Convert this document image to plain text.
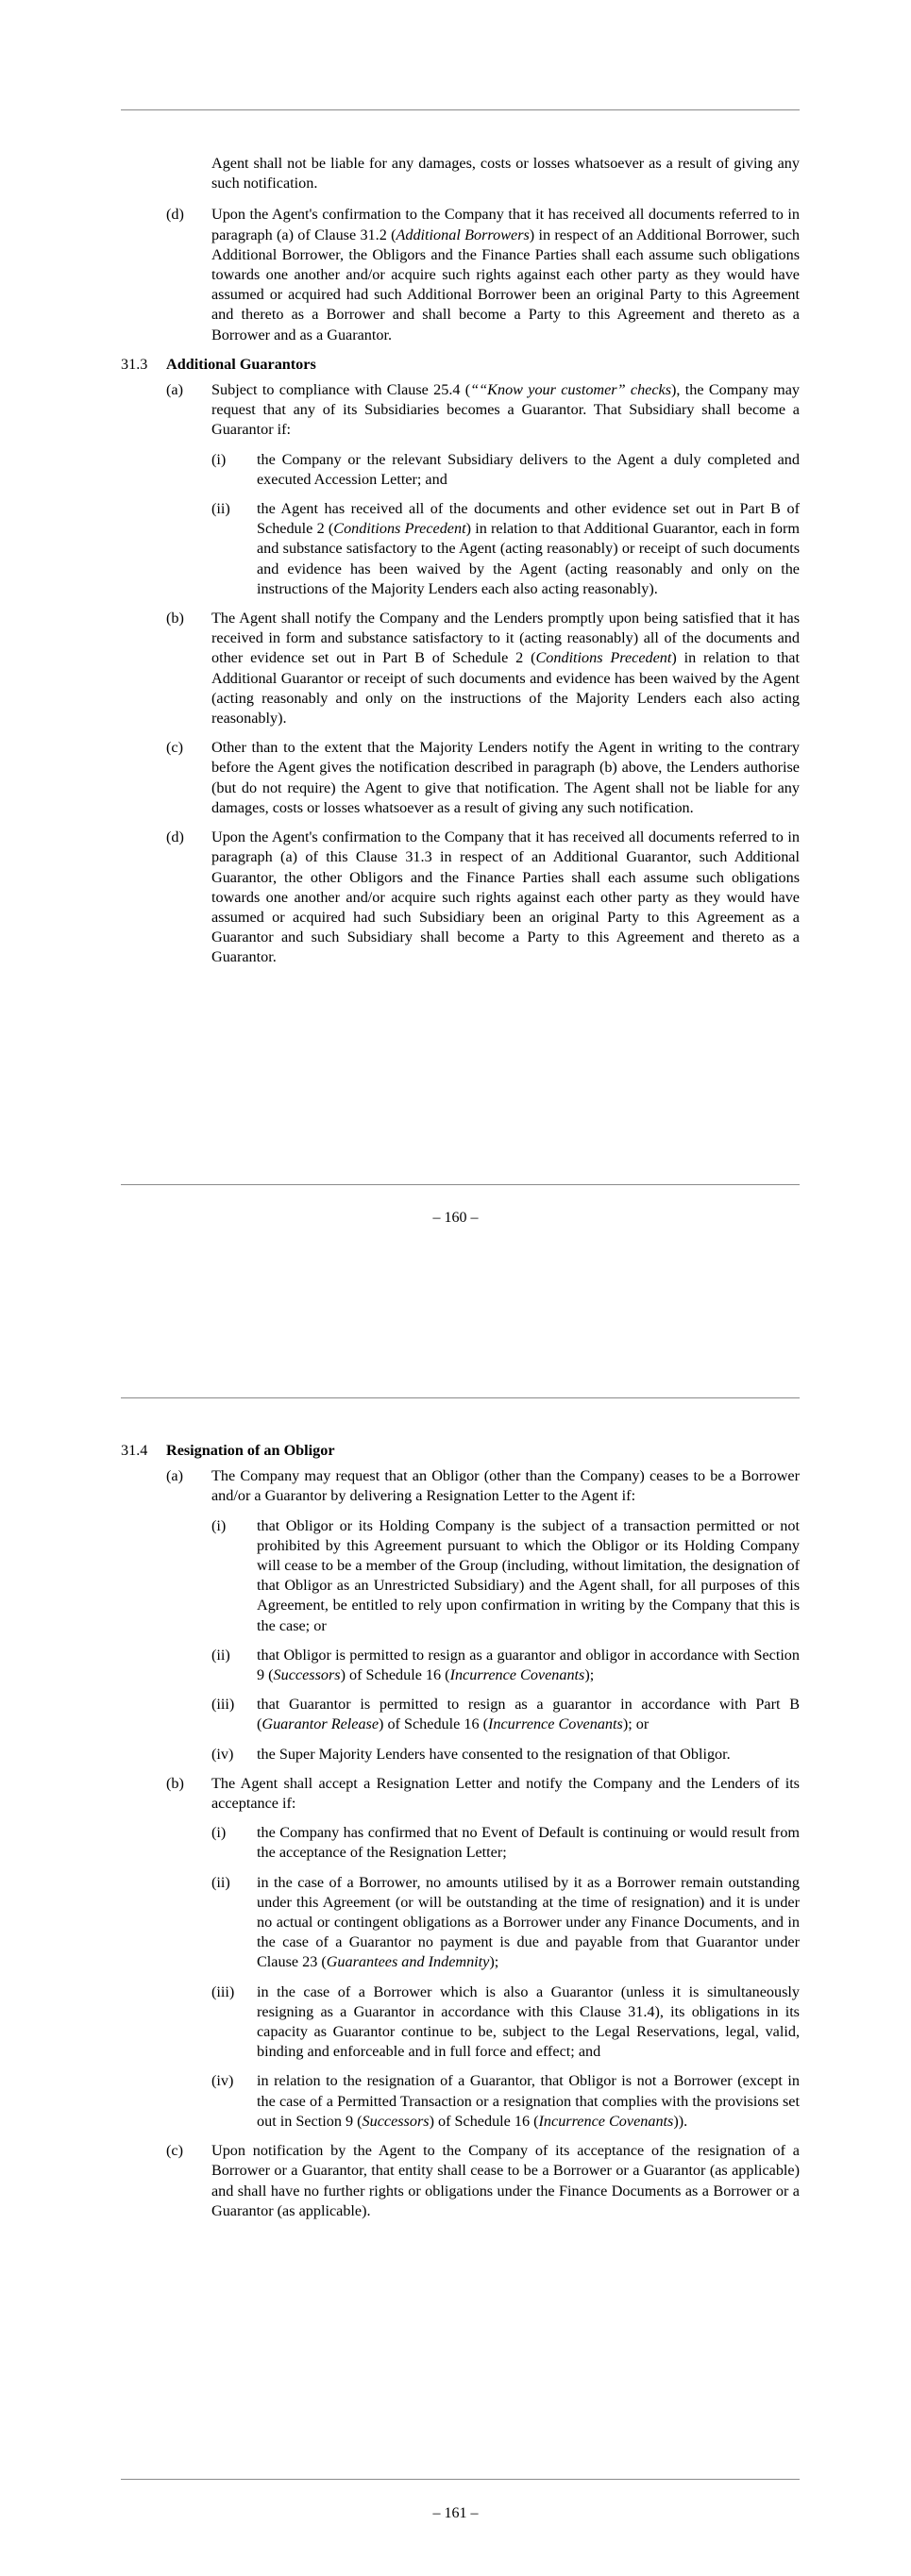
Agent shall not be liable for any damages, costs or losses whatsoever as a result of giving any such notification.

(d) Upon the Agent's confirmation to the Company that it has received all documents referred to in paragraph (a) of Clause 31.2 (Additional Borrowers) in respect of an Additional Borrower, such Additional Borrower, the Obligors and the Finance Parties shall each assume such obligations towards one another and/or acquire such rights against each other party as they would have assumed or acquired had such Additional Borrower been an original Party to this Agreement and thereto as a Borrower and shall become a Party to this Agreement and thereto as a Borrower and as a Guarantor.
31.3 Additional Guarantors
(a) Subject to compliance with Clause 25.4 (““Know your customer” checks), the Company may request that any of its Subsidiaries becomes a Guarantor. That Subsidiary shall become a Guarantor if:
(i) the Company or the relevant Subsidiary delivers to the Agent a duly completed and executed Accession Letter; and
(ii) the Agent has received all of the documents and other evidence set out in Part B of Schedule 2 (Conditions Precedent) in relation to that Additional Guarantor, each in form and substance satisfactory to the Agent (acting reasonably) or receipt of such documents and evidence has been waived by the Agent (acting reasonably and only on the instructions of the Majority Lenders each also acting reasonably).
(b) The Agent shall notify the Company and the Lenders promptly upon being satisfied that it has received in form and substance satisfactory to it (acting reasonably) all of the documents and other evidence set out in Part B of Schedule 2 (Conditions Precedent) in relation to that Additional Guarantor or receipt of such documents and evidence has been waived by the Agent (acting reasonably and only on the instructions of the Majority Lenders each also acting reasonably).
(c) Other than to the extent that the Majority Lenders notify the Agent in writing to the contrary before the Agent gives the notification described in paragraph (b) above, the Lenders authorise (but do not require) the Agent to give that notification. The Agent shall not be liable for any damages, costs or losses whatsoever as a result of giving any such notification.
(d) Upon the Agent's confirmation to the Company that it has received all documents referred to in paragraph (a) of this Clause 31.3 in respect of an Additional Guarantor, such Additional Guarantor, the other Obligors and the Finance Parties shall each assume such obligations towards one another and/or acquire such rights against each other party as they would have assumed or acquired had such Subsidiary been an original Party to this Agreement as a Guarantor and such Subsidiary shall become a Party to this Agreement and thereto as a Guarantor.
– 160 –
31.4 Resignation of an Obligor
(a) The Company may request that an Obligor (other than the Company) ceases to be a Borrower and/or a Guarantor by delivering a Resignation Letter to the Agent if:
(i) that Obligor or its Holding Company is the subject of a transaction permitted or not prohibited by this Agreement pursuant to which the Obligor or its Holding Company will cease to be a member of the Group (including, without limitation, the designation of that Obligor as an Unrestricted Subsidiary) and the Agent shall, for all purposes of this Agreement, be entitled to rely upon confirmation in writing by the Company that this is the case; or
(ii) that Obligor is permitted to resign as a guarantor and obligor in accordance with Section 9 (Successors) of Schedule 16 (Incurrence Covenants);
(iii) that Guarantor is permitted to resign as a guarantor in accordance with Part B (Guarantor Release) of Schedule 16 (Incurrence Covenants); or
(iv) the Super Majority Lenders have consented to the resignation of that Obligor.
(b) The Agent shall accept a Resignation Letter and notify the Company and the Lenders of its acceptance if:
(i) the Company has confirmed that no Event of Default is continuing or would result from the acceptance of the Resignation Letter;
(ii) in the case of a Borrower, no amounts utilised by it as a Borrower remain outstanding under this Agreement (or will be outstanding at the time of resignation) and it is under no actual or contingent obligations as a Borrower under any Finance Documents, and in the case of a Guarantor no payment is due and payable from that Guarantor under Clause 23 (Guarantees and Indemnity);
(iii) in the case of a Borrower which is also a Guarantor (unless it is simultaneously resigning as a Guarantor in accordance with this Clause 31.4), its obligations in its capacity as Guarantor continue to be, subject to the Legal Reservations, legal, valid, binding and enforceable and in full force and effect; and
(iv) in relation to the resignation of a Guarantor, that Obligor is not a Borrower (except in the case of a Permitted Transaction or a resignation that complies with the provisions set out in Section 9 (Successors) of Schedule 16 (Incurrence Covenants)).
(c) Upon notification by the Agent to the Company of its acceptance of the resignation of a Borrower or a Guarantor, that entity shall cease to be a Borrower or a Guarantor (as applicable) and shall have no further rights or obligations under the Finance Documents as a Borrower or a Guarantor (as applicable).
– 161 –
